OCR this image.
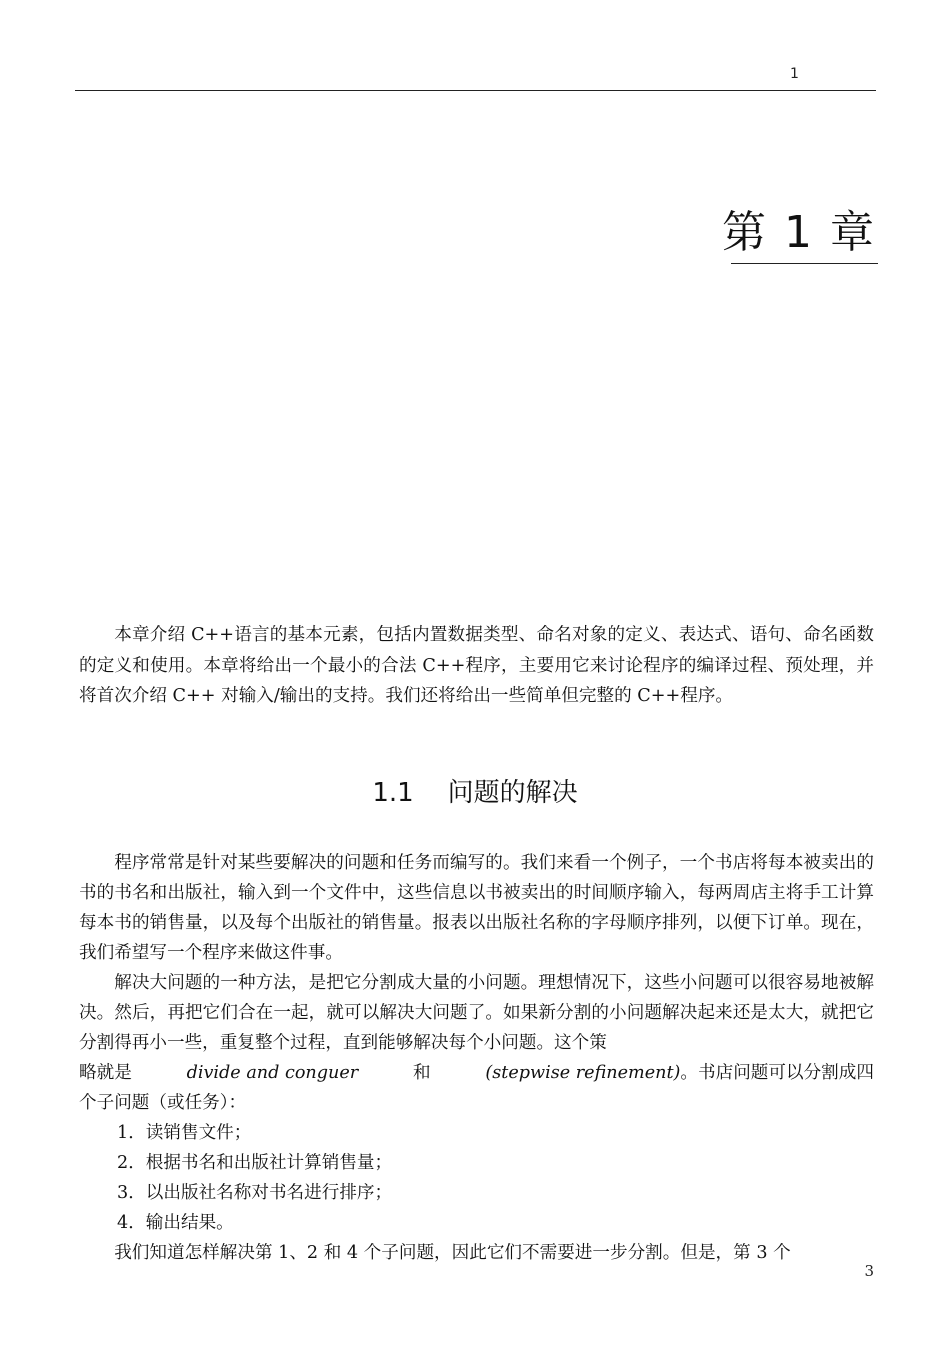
1
第 1 章
本章介绍 C++语言的基本元素，包括内置数据类型、命名对象的定义、表达式、语句、命名函数的定义和使用。本章将给出一个最小的合法 C++程序，主要用它来讨论程序的编译过程、预处理，并将首次介绍 C++ 对输入/输出的支持。我们还将给出一些简单但完整的 C++程序。
1.1 问题的解决

程序常常是针对某些要解决的问题和任务而编写的。我们来看一个例子，一个书店将每本被卖出的书的书名和出版社，输入到一个文件中，这些信息以书被卖出的时间顺序输入，每两周店主将手工计算每本书的销售量，以及每个出版社的销售量。报表以出版社名称的字母顺序排列，以便下订单。现在，我们希望写一个程序来做这件事。

解决大问题的一种方法，是把它分割成大量的小问题。理想情况下，这些小问题可以很容易地被解决。然后，再把它们合在一起，就可以解决大问题了。如果新分割的小问题解决起来还是太大，就把它分割得再小一些，重复整个过程，直到能够解决每个小问题。这个策

略就是	divide and conguer	和	(stepwise refinement)。书店问题可以分割成四

个子问题（或任务）：

1．读销售文件；
2．根据书名和出版社计算销售量；
3．以出版社名称对书名进行排序；
4．输出结果。

我们知道怎样解决第 1、2 和 4 个子问题，因此它们不需要进一步分割。但是，第 3 个

3
